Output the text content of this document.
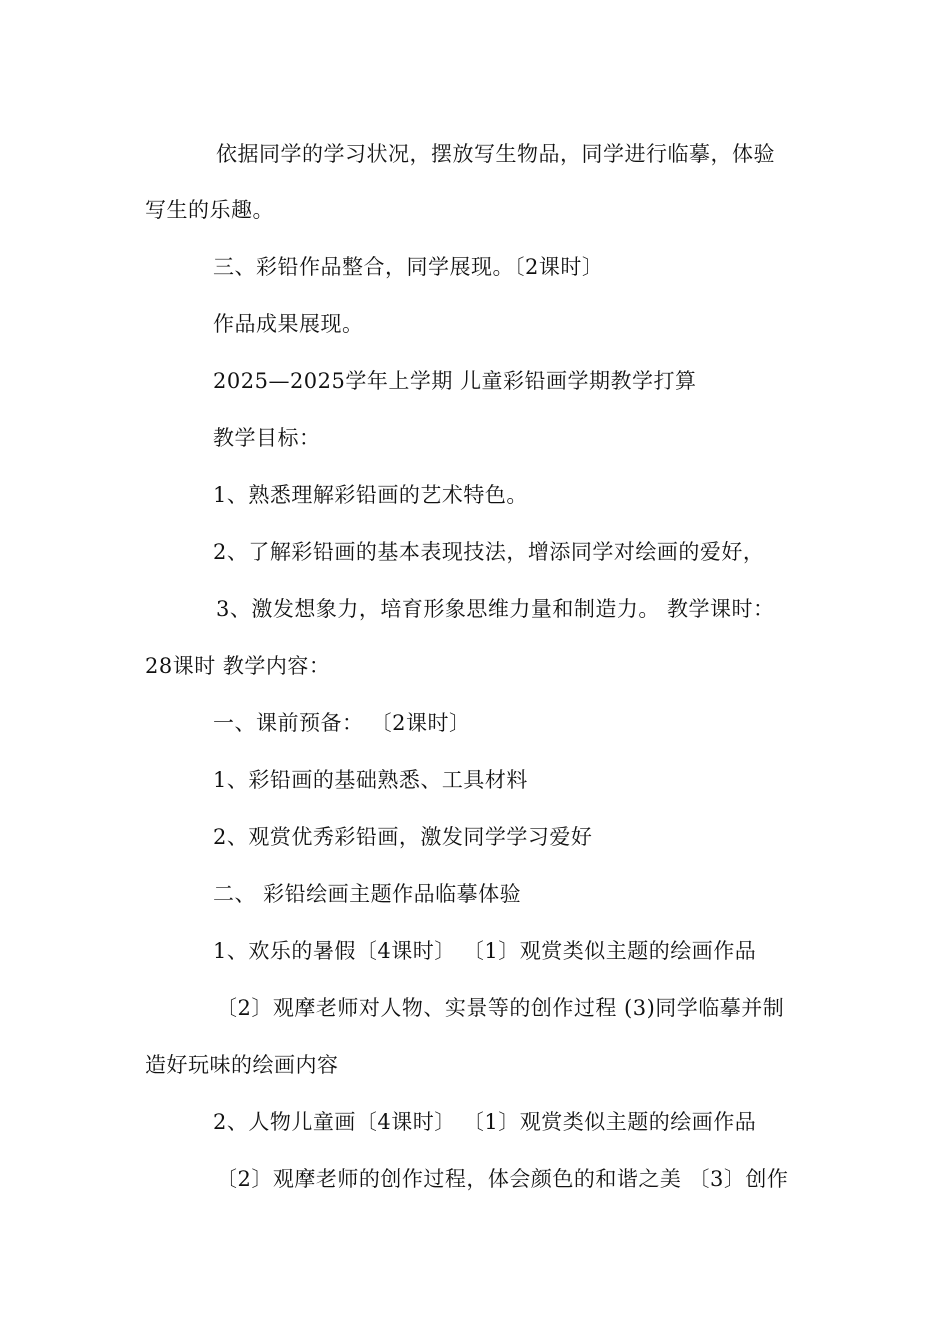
依据同学的学习状况，摆放写生物品，同学进行临摹，体验
写生的乐趣。
三、彩铅作品整合，同学展现。〔2课时〕
作品成果展现。
2025—2025学年上学期 儿童彩铅画学期教学打算
教学目标：
1、熟悉理解彩铅画的艺术特色。
2、了解彩铅画的基本表现技法，增添同学对绘画的爱好，
3、激发想象力，培育形象思维力量和制造力。 教学课时：
28课时 教学内容：
一、课前预备： 〔2课时〕
1、彩铅画的基础熟悉、工具材料
2、观赏优秀彩铅画，激发同学学习爱好
二、 彩铅绘画主题作品临摹体验
1、欢乐的暑假〔4课时〕 〔1〕观赏类似主题的绘画作品
〔2〕观摩老师对人物、实景等的创作过程 (3)同学临摹并制
造好玩味的绘画内容
2、人物儿童画〔4课时〕 〔1〕观赏类似主题的绘画作品
〔2〕观摩老师的创作过程，体会颜色的和谐之美 〔3〕创作
